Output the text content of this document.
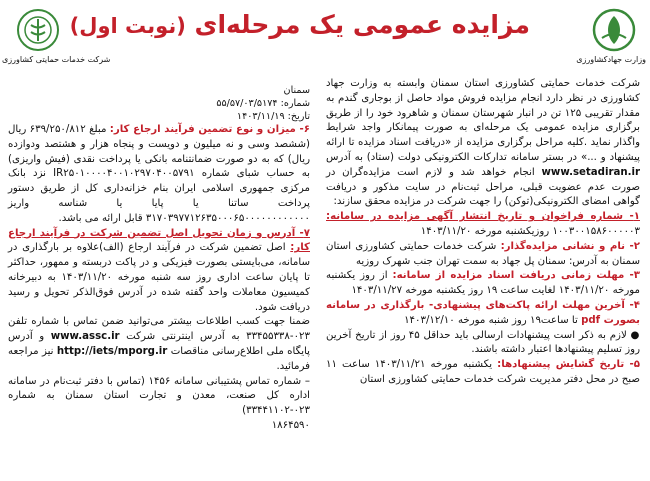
وزارت جهادکشاورزی
مزایده عمومی یک مرحله‌ای (نوبت اول)
شرکت خدمات حمایتی کشاورزی

شرکت خدمات حمایتی کشاورزی استان سمنان وابسته به وزارت جهاد کشاورزی در نظر دارد انجام مزایده فروش مواد حاصل از بوجاری گندم به مقدار تقریبی ۱۲۵ تن در انبار شهرستان سمنان و شاهرود خود را از طریق برگزاری مزایده عمومی یک مرحله‌ای به صورت پیمانکار واجد شرایط واگذار نماید .کلیه مراحل برگزاری مزایده از «دریافت اسناد مزایده تا ارائه پیشنهاد و ...» در بستر سامانه تدارکات الکترونیکی دولت (ستاد) به آدرس www.setadiran.ir انجام خواهد شد و لازم است مزایده‌گران در صورت عدم عضویت قبلی، مراحل ثبت‌نام در سایت مذکور و دریافت گواهی امضای الکترونیکی(توکن) را جهت شرکت در مزایده محقق سازند:

۱- شماره فراخوان و تاریخ انتشار آگهی مزایده در سامانه: ۱۰۰۳۰۰۱۵۸۶۰۰۰۰۰۳ روزیکشنبه مورخه ۱۴۰۳/۱۱/۲۰

۲- نام و نشانی مزایده‌گذار: شرکت خدمات حمایتی کشاورزی استان سمنان به آدرس: سمنان پل جهاد به سمت تهران جنب شهرک روزیه

۳- مهلت زمانی دریافت اسناد مزایده از سامانه: از روز یکشنبه مورخه ۱۴۰۳/۱۱/۲۰ لغایت ساعت ۱۹ روز یکشنبه مورخه ۱۴۰۳/۱۱/۲۷

۴- آخرین مهلت ارائه پاکت‌های پیشنهادی- بارگذاری در سامانه بصورت pdf تا ساعت۱۹ روز شنبه مورخه ۱۴۰۳/۱۲/۱۰

● لازم به ذکر است پیشنهادات ارسالی باید حداقل ۴۵ روز از تاریخ آخرین روز تسلیم پیشنهادها اعتبار داشته باشند.

۵- تاریخ گشایش پیشنهادها: یکشنبه مورخه ۱۴۰۳/۱۱/۲۱ ساعت ۱۱ صبح در محل دفتر مدیریت شرکت خدمات حمایتی کشاورزی استان

سمنان

شماره: ۵۵/۵۷/۰۳/۵۱۷۴

تاریخ: ۱۴۰۳/۱۱/۱۹

۶- میزان و نوع تضمین فرآیند ارجاع کار: مبلغ ۶۳۹/۲۵۰/۸۱۲ ریال (ششصد وسی و نه میلیون و دویست و پنجاه هزار و هشتصد ودوازده ریال) که به دو صورت ضمانتنامه بانکی یا پرداخت نقدی (فیش واریزی) به حساب شبای شماره IR۲۵۰۱۰۰۰۰۴۰۰۱۰۲۹۷۰۴۰۰۵۷۹۱ نزد بانک مرکزی جمهوری اسلامی ایران بنام خزانه‌داری کل از طریق دستور پرداخت ساتنا یا پایا یا شناسه واریز ۳۱۷۰۳۹۷۷۱۲۶۳۵۰۰۰۶۵۰۰۰۰۰۰۰۰۰۰۰۰ قابل ارائه می باشد.

۷- آدرس و زمان تحویل اصل تضمین شرکت در فرآیند ارجاع کار: اصل تضمین شرکت در فرآیند ارجاع (الف)علاوه بر بارگذاری در سامانه، می‌بایستی بصورت فیزیکی و در پاکت دربسته و ممهور، حداکثر تا پایان ساعت اداری روز سه شنبه مورخه ۱۴۰۳/۱۱/۲۰ به دبیرخانه کمیسیون معاملات واحد گفته شده در آدرس فوق‌الذکر تحویل و رسید دریافت شود.

ضمنا جهت کسب اطلاعات بیشتر می‌توانید ضمن تماس با شماره تلفن ۰۲۳-۳۳۴۵۵۳۳۸ به آدرس اینترنتی شرکت www.assc.ir و آدرس پایگاه ملی اطلاع‌رسانی مناقصات http://iets/mporg.ir نیز مراجعه فرمائید.

– شماره تماس پشتیبانی سامانه ۱۴۵۶ (تماس با دفتر ثبت‌نام در سامانه اداره کل صنعت، معدن و تجارت استان سمنان به شماره ۰۲۳-۳۳۴۴۱۱۰۲)

۱۸۶۴۵۹۰
